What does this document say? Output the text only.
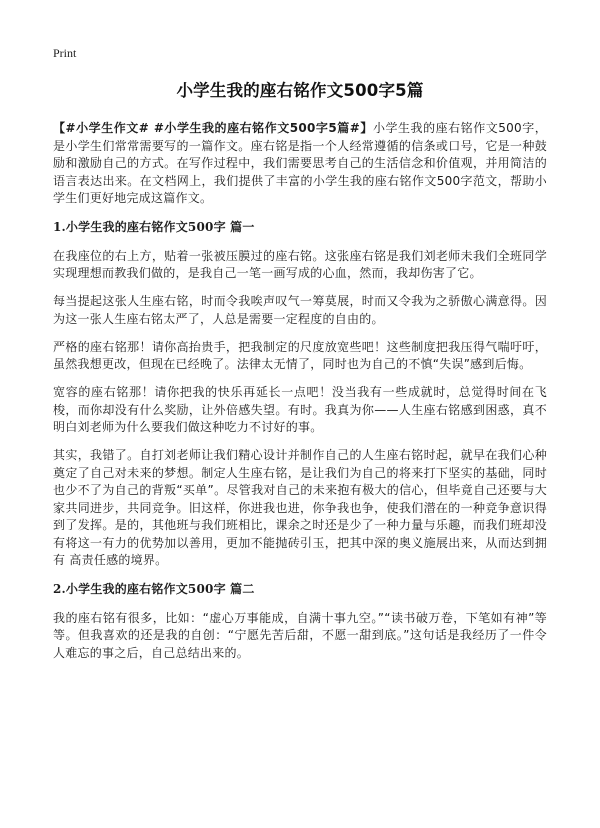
Print
小学生我的座右铭作文500字5篇

【#小学生作文# #小学生我的座右铭作文500字5篇#】小学生我的座右铭作文500字，是小学生们常常需要写的一篇作文。座右铭是指一个人经常遵循的信条或口号，它是一种鼓励和激励自己的方式。在写作过程中，我们需要思考自己的生活信念和价值观，并用简洁的语言表达出来。在文档网上，我们提供了丰富的小学生我的座右铭作文500字范文，帮助小学生们更好地完成这篇作文。

1.小学生我的座右铭作文500字 篇一

在我座位的右上方，贴着一张被压膜过的座右铭。这张座右铭是我们刘老师未我们全班同学实现理想而教我们做的，是我自己一笔一画写成的心血，然而，我却伤害了它。

每当提起这张人生座右铭，时而令我唉声叹气一筹莫展，时而又令我为之骄傲心满意得。因为这一张人生座右铭太严了，人总是需要一定程度的自由的。

严格的座右铭那！请你高抬贵手，把我制定的尺度放宽些吧！这些制度把我压得气喘吁吁，虽然我想更改，但现在已经晚了。法律太无情了，同时也为自己的不慎“失误”感到后悔。

宽容的座右铭那！请你把我的快乐再延长一点吧！没当我有一些成就时，总觉得时间在飞梭，而你却没有什么奖励，让外倍感失望。有时。我真为你——人生座右铭感到困惑，真不明白刘老师为什么要我们做这种吃力不讨好的事。

其实，我错了。自打刘老师让我们精心设计并制作自己的人生座右铭时起，就早在我们心种奠定了自己对未来的梦想。制定人生座右铭，是让我们为自己的将来打下坚实的基础，同时也少不了为自己的背叛“买单”。尽管我对自己的未来抱有极大的信心，但毕竟自己还要与大家共同进步，共同竞争。旧这样，你进我也进，你争我也争，使我们潜在的一种竞争意识得到了发挥。是的，其他班与我们班相比，课余之时还是少了一种力量与乐趣，而我们班却没有将这一有力的优势加以善用，更加不能抛砖引玉，把其中深的奥义施展出来，从而达到拥有 高责任感的境界。

2.小学生我的座右铭作文500字 篇二

我的座右铭有很多，比如：“虚心万事能成，自满十事九空。”“读书破万卷，下笔如有神”等等。但我喜欢的还是我的自创：“宁愿先苦后甜，不愿一甜到底。”这句话是我经历了一件令人难忘的事之后，自己总结出来的。
